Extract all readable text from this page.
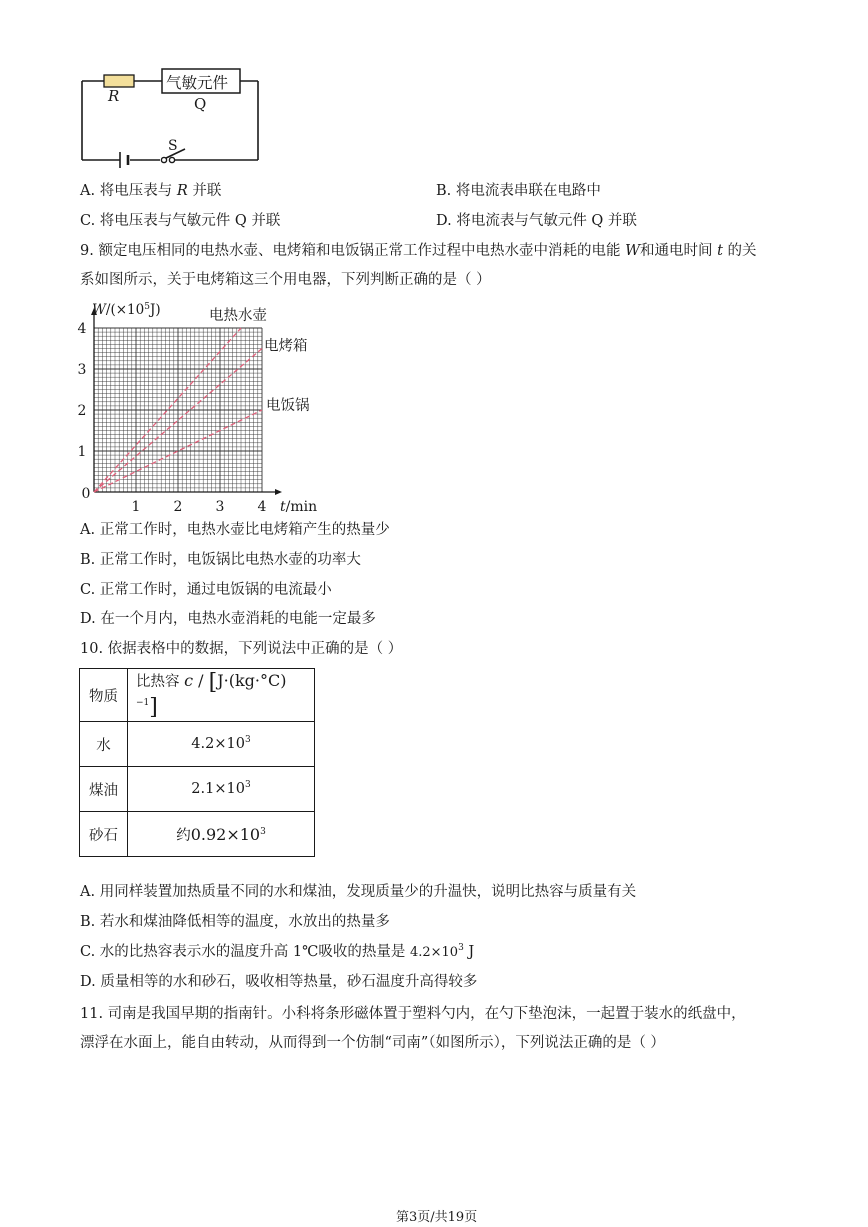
R
气敏元件
Q
S
A. 将电压表与 R 并联	B. 将电流表串联在电路中
C. 将电压表与气敏元件 Q 并联	D. 将电流表与气敏元件 Q 并联
9. 额定电压相同的电热水壶、电烤箱和电饭锅正常工作过程中电热水壶中消耗的电能 W和通电时间 t 的关
系如图所示，关于电烤箱这三个用电器，下列判断正确的是（ ）
电热水壶
电烤箱
电饭锅
1 2 3 4
1
2
3
4
0
$W/(\times 10^5J)$
t/min
A. 正常工作时，电热水壶比电烤箱产生的热量少
B. 正常工作时，电饭锅比电热水壶的功率大
C. 正常工作时，通过电饭锅的电流最小
D. 在一个月内，电热水壶消耗的电能一定最多
10. 依据表格中的数据，下列说法中正确的是（ ）
物质	比热容 $c / [J\cdot(kg\cdot^\circ C)^{-1}]$
水	$4.2\times 10^3$
煤油	$2.1\times 10^3$
砂石	约$0.92\times 10^3$
A. 用同样装置加热质量不同的水和煤油，发现质量少的升温快，说明比热容与质量有关
B. 若水和煤油降低相等的温度，水放出的热量多
C. 水的比热容表示水的温度升高 1℃吸收的热量是 $4.2\times 10^3$ J
D. 质量相等的水和砂石，吸收相等热量，砂石温度升高得较多
11. 司南是我国早期的指南针。小科将条形磁体置于塑料勺内，在勺下垫泡沫，一起置于装水的纸盘中，
漂浮在水面上，能自由转动，从而得到一个仿制“司南”（如图所示），下列说法正确的是（ ）
第3页/共19页
